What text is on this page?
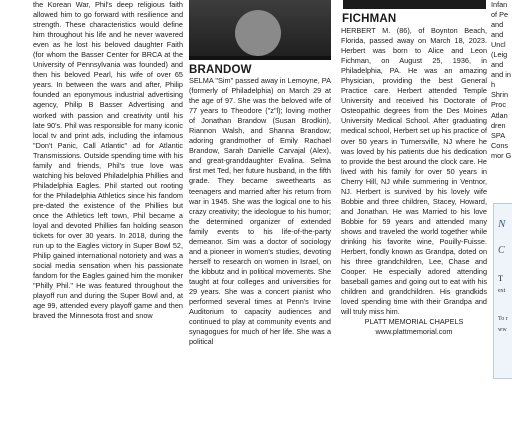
the Korean War, Phil's deep religious faith allowed him to go forward with resilience and strength. These characteristics would define him throughout his life and he never wavered even as he lost his beloved daughter Faith (for whom the Basser Center for BRCA at the University of Pennsylvania was founded) and then his beloved Pearl, his wife of over 65 years. In between the wars and after, Philip founded an eponymous industrial advertising agency, Philip B Basser Advertising and worked with passion and creativity until his late 90's. Phil was responsible for many iconic local tv and print ads, including the infamous "Don't Panic, Call Atlantic" ad for Atlantic Transmissions. Outside spending time with his family and friends, Phil's true love was watching his beloved Philadelphia Phillies and Philadelphia Eagles. Phil started out rooting for the Philadelphia Athletics since his fandom pre-dated the existence of the Phillies but once the Athletics left town, Phil became a loyal and devoted Phillies fan holding season tickets for over 30 years. In 2018, during the run up to the Eagles victory in Super Bowl 52, Philip gained international notoriety and was a social media sensation when his passionate fandom for the Eagles gained him the moniker "Philly Phil." He was featured throughout the playoff run and during the Super Bowl and, at age 99, attended every playoff game and then braved the Minnesota frost and snow

BRANDOW

SELMA "Sim" passed away in Lemoyne, PA (formerly of Philadelphia) on March 29 at the age of 97. She was the beloved wife of 77 years to Theodore ("z"l); loving mother of Jonathan Brandow (Susan Brodkin), Riannon Walsh, and Shanna Brandow; adoring grandmother of Emily Rachael Brandow, Sarah Danielle Carvajal (Alex), and great-granddaughter Evalina. Selma first met Ted, her future husband, in the fifth grade. They became sweethearts as teenagers and married after his return from war in 1945. She was the logical one to his crazy creativity; the ideologue to his humor; the determined organizer of extended family events to his life-of-the-party demeanor. Sim was a doctor of sociology and a pioneer in women's studies, devoting herself to research on women in Israel, on the kibbutz and in political movements. She taught at four colleges and universities for 29 years. She was a concert pianist who performed several times at Penn's Irvine Auditorium to capacity audiences and continued to play at community events and synagogues for much of her life. She was a political

FICHMAN

HERBERT M. (86), of Boynton Beach, Florida, passed away on March 18, 2023. Herbert was born to Alice and Leon Fichman, on August 25, 1936, in Philadelphia, PA. He was an amazing Physician, providing the best General Practice care. Herbert attended Temple University and received his Doctorate of Osteopathic degrees from the Des Moines University Medical School. After graduating medical school, Herbert set up his practice of over 50 years in Turnersville, NJ where he was loved by his patients due his dedication to provide the best around the clock care. He lived with his family for over 50 years in Cherry Hill, NJ while summering in Ventnor, NJ. Herbert is survived by his lovely wife Bobbie and three children, Stacey, Howard, and Jonathan. He was Married to his love Bobbie for 59 years and attended many shows and traveled the world together while drinking his favorite wine, Pouilly-Fuisse. Herbert, fondly known as Grandpa, doted on his three grandchildren, Lee, Chase and Cooper. He especially adored attending baseball games and going out to eat with his children and grandchildren. His grandkids loved spending time with their Grandpa and will truly miss him.

PLATT MEMORIAL CHAPELS

www.plattmemorial.com

Infan of Pe and and Uncl (Leig and and in h Shrin Proc Atlan dren SPA Cons mor G

N
C
T
ext
To r
ww
